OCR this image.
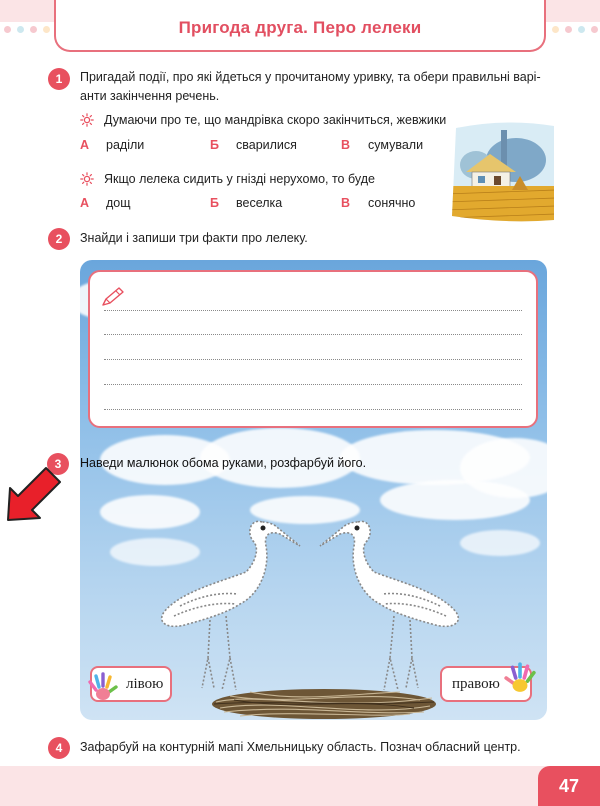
Пригода друга. Перо лелеки
1	Пригадай події, про які йдеться у прочитаному уривку, та обери правильні варі-
анти закінчення речень.
Думаючи про те, що мандрівка скоро закінчиться, жевжики
А раділи	Б сварилися	В сумували
Якщо лелека сидить у гнізді нерухомо, то буде
А дощ	Б веселка	В сонячно
2	Знайди і запиши три факти про лелеку.
3	Наведи малюнок обома руками, розфарбуй його.
лівою	правою
4	Зафарбуй на контурній мапі Хмельницьку область. Познач обласний центр.
47
